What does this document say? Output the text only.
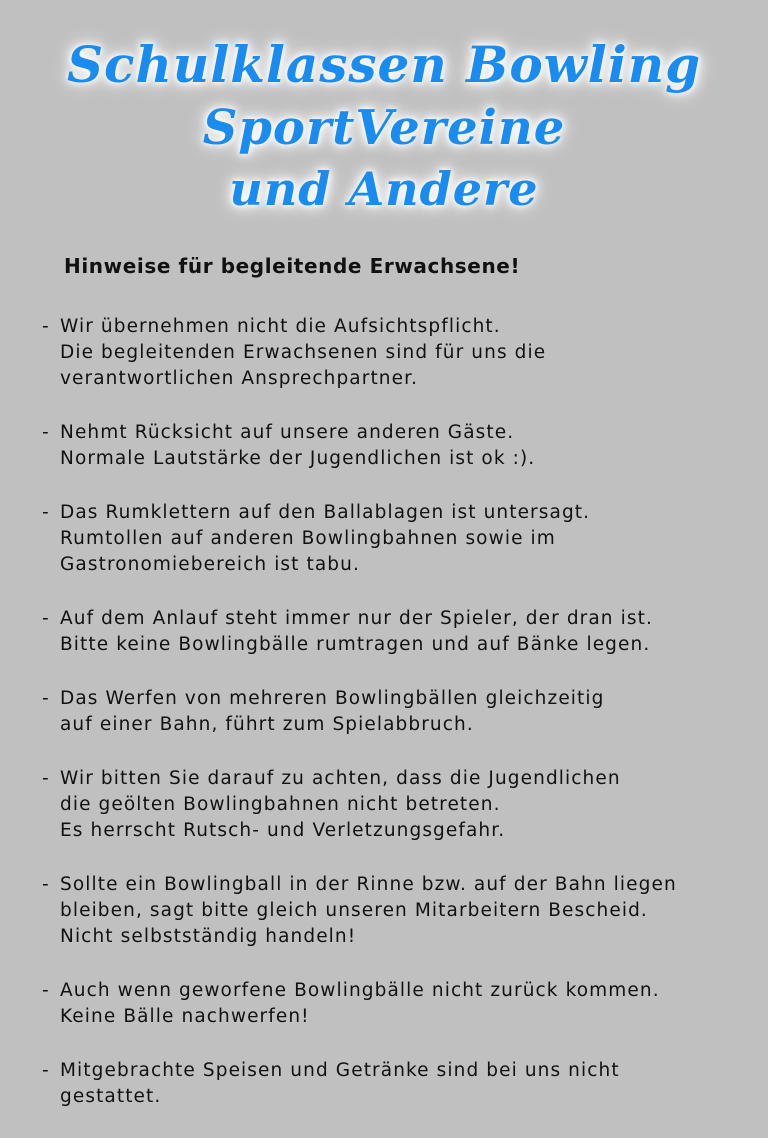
Schulklassen Bowling
SportVereine
und Andere
Hinweise für begleitende Erwachsene!
- Wir übernehmen nicht die Aufsichtspflicht.
Die begleitenden Erwachsenen sind für uns die
verantwortlichen Ansprechpartner.
- Nehmt Rücksicht auf unsere anderen Gäste.
Normale Lautstärke der Jugendlichen ist ok :).
- Das Rumklettern auf den Ballablagen ist untersagt.
Rumtollen auf anderen Bowlingbahnen sowie im
Gastronomiebereich ist tabu.
- Auf dem Anlauf steht immer nur der Spieler, der dran ist.
Bitte keine Bowlingbälle rumtragen und auf Bänke legen.
- Das Werfen von mehreren Bowlingbällen gleichzeitig
auf einer Bahn, führt zum Spielabbruch.
- Wir bitten Sie darauf zu achten, dass die Jugendlichen
die geölten Bowlingbahnen nicht betreten.
Es herrscht Rutsch- und Verletzungsgefahr.
- Sollte ein Bowlingball in der Rinne bzw. auf der Bahn liegen
bleiben, sagt bitte gleich unseren Mitarbeitern Bescheid.
Nicht selbstständig handeln!
- Auch wenn geworfene Bowlingbälle nicht zurück kommen.
Keine Bälle nachwerfen!
- Mitgebrachte Speisen und Getränke sind bei uns nicht
gestattet.
